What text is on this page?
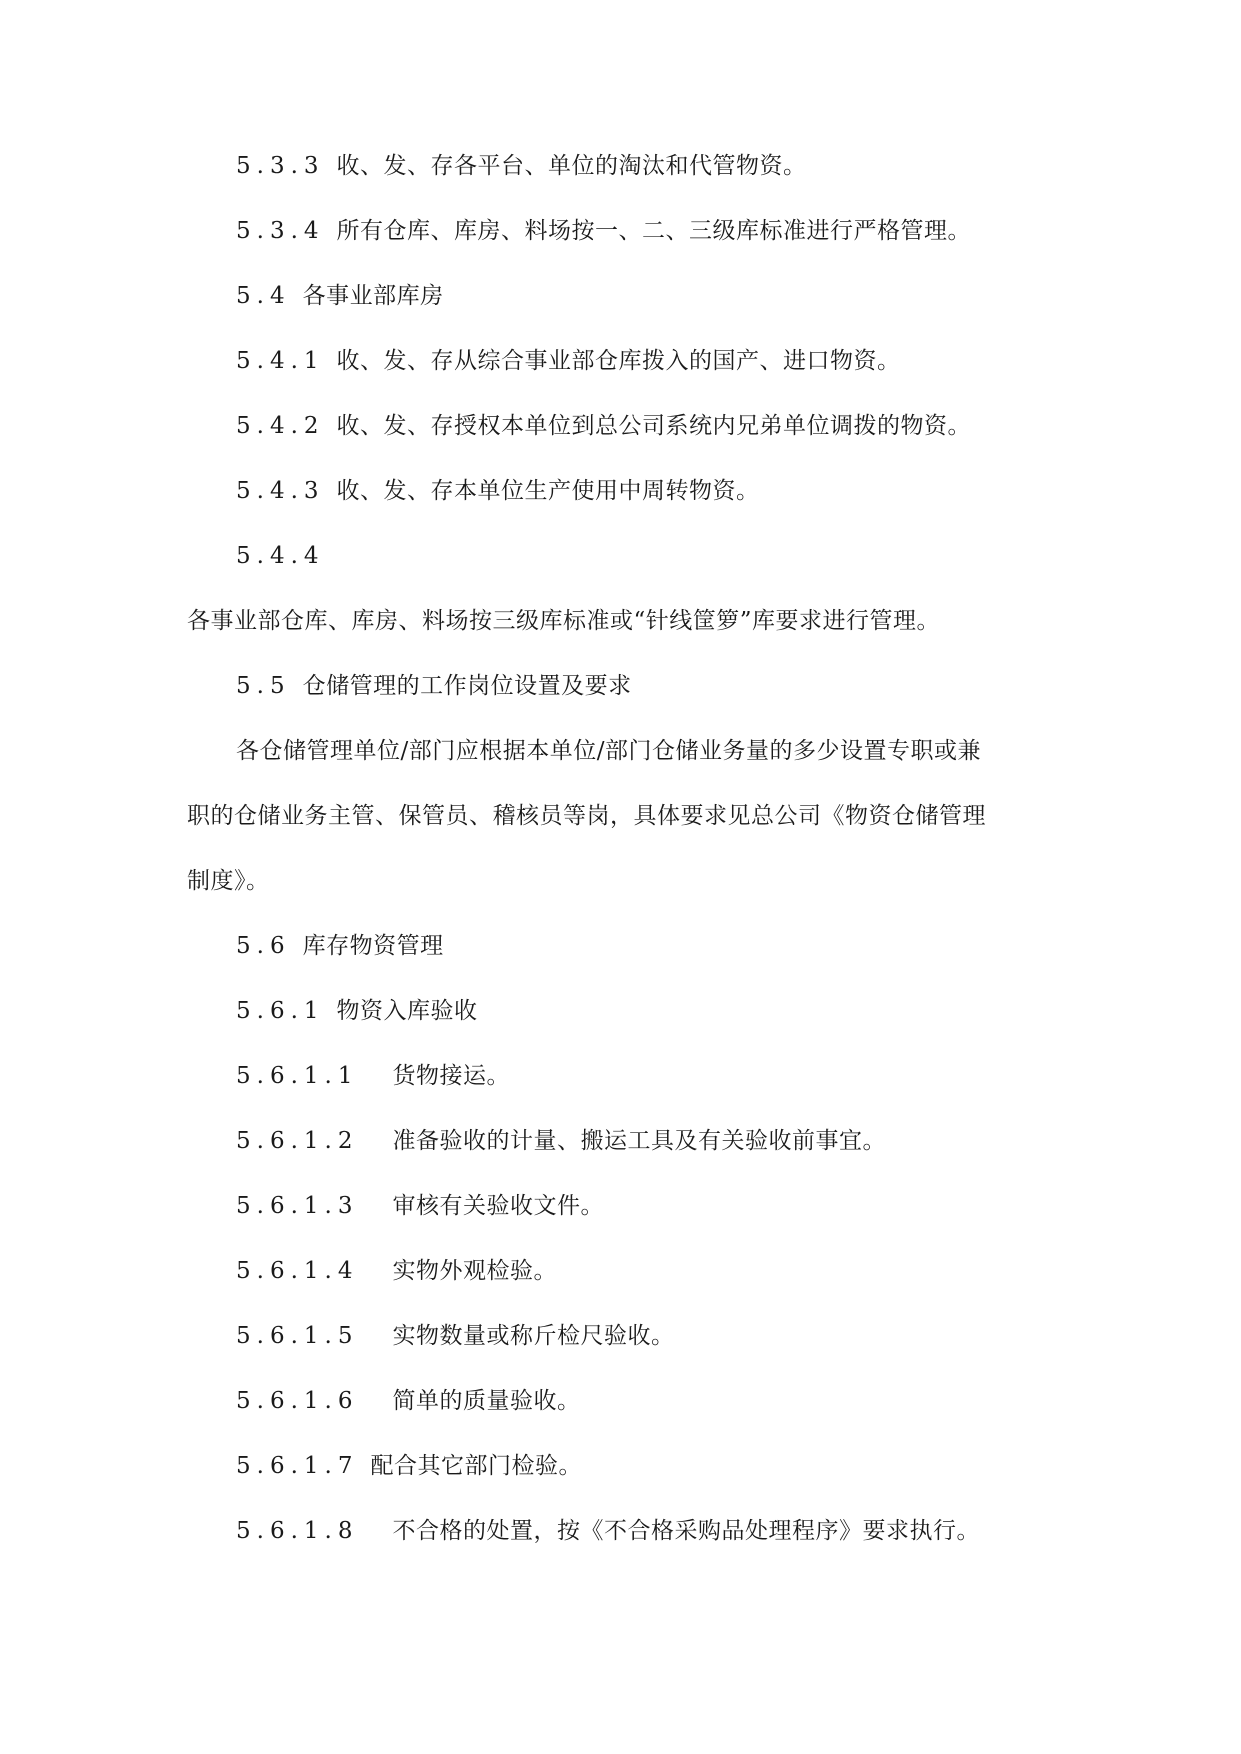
5.3.3 收、发、存各平台、单位的淘汰和代管物资。
5.3.4 所有仓库、库房、料场按一、二、三级库标准进行严格管理。
5.4 各事业部库房
5.4.1 收、发、存从综合事业部仓库拨入的国产、进口物资。
5.4.2 收、发、存授权本单位到总公司系统内兄弟单位调拨的物资。
5.4.3 收、发、存本单位生产使用中周转物资。
5.4.4
各事业部仓库、库房、料场按三级库标准或“针线筐箩”库要求进行管理。
5.5 仓储管理的工作岗位设置及要求
各仓储管理单位/部门应根据本单位/部门仓储业务量的多少设置专职或兼
职的仓储业务主管、保管员、稽核员等岗，具体要求见总公司《物资仓储管理
制度》。
5.6 库存物资管理
5.6.1 物资入库验收
5.6.1.1 货物接运。
5.6.1.2 准备验收的计量、搬运工具及有关验收前事宜。
5.6.1.3 审核有关验收文件。
5.6.1.4 实物外观检验。
5.6.1.5 实物数量或称斤检尺验收。
5.6.1.6 简单的质量验收。
5.6.1.7 配合其它部门检验。
5.6.1.8 不合格的处置，按《不合格采购品处理程序》要求执行。
